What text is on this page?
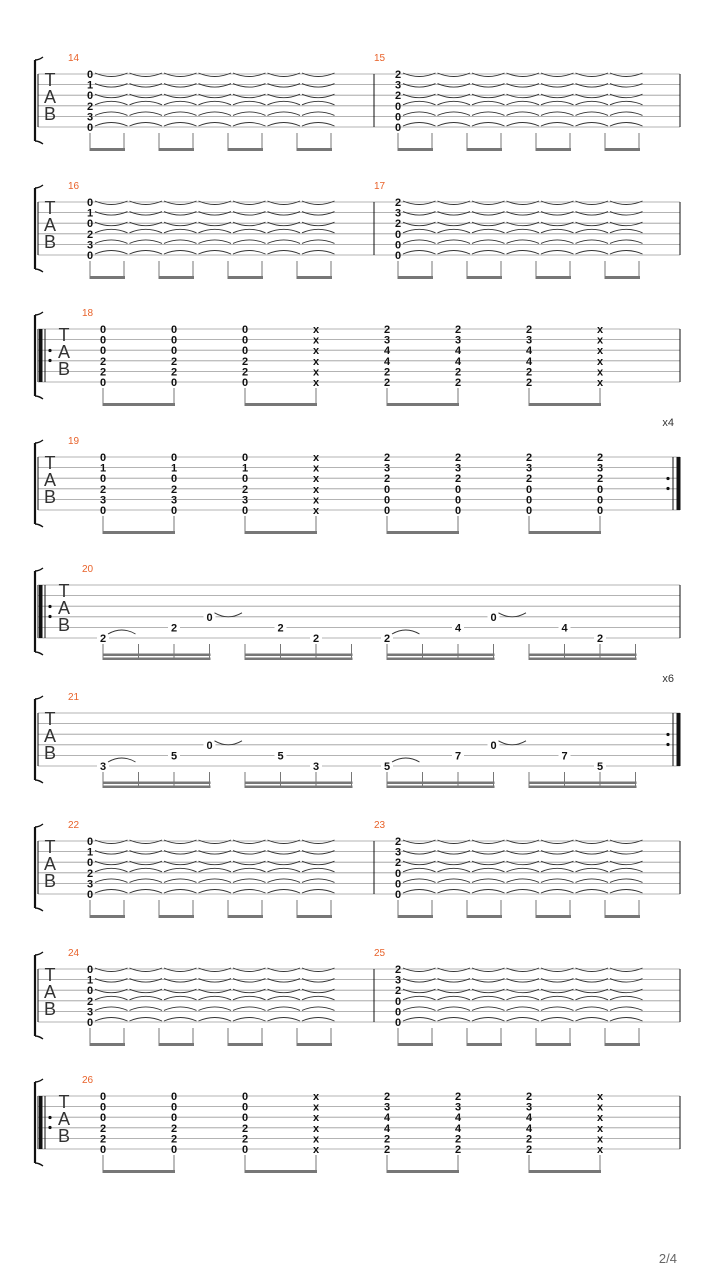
T
A
B
14
0
1
0
2
3
0
15
2
3
2
0
0
0
T
A
B
16
0
1
0
2
3
0
17
2
3
2
0
0
0
T
A
B
18
0
0
0
2
2
0
0
0
0
2
2
0
0
0
0
2
2
0
x
x
x
x
x
x
2
3
4
4
2
2
2
3
4
4
2
2
2
3
4
4
2
2
x
x
x
x
x
x
x4
T
A
B
19
0
1
0
2
3
0
0
1
0
2
3
0
0
1
0
2
3
0
x
x
x
x
x
x
2
3
2
0
0
0
2
3
2
0
0
0
2
3
2
0
0
0
2
3
2
0
0
0
T
A
B
20
2
2
0
2
2	2
4
0
4
2
x6
T
A
B
21
3
5
0
5
3	5
7
0
7
5
T
A
B
22
0
1
0
2
3
0
23
2
3
2
0
0
0
T
A
B
24
0
1
0
2
3
0
25
2
3
2
0
0
0
T
A
B
26
0
0
0
2
2
0
0
0
0
2
2
0
0
0
0
2
2
0
x
x
x
x
x
x
2
3
4
4
2
2
2
3
4
4
2
2
2
3
4
4
2
2
x
x
x
x
x
x
2/4
